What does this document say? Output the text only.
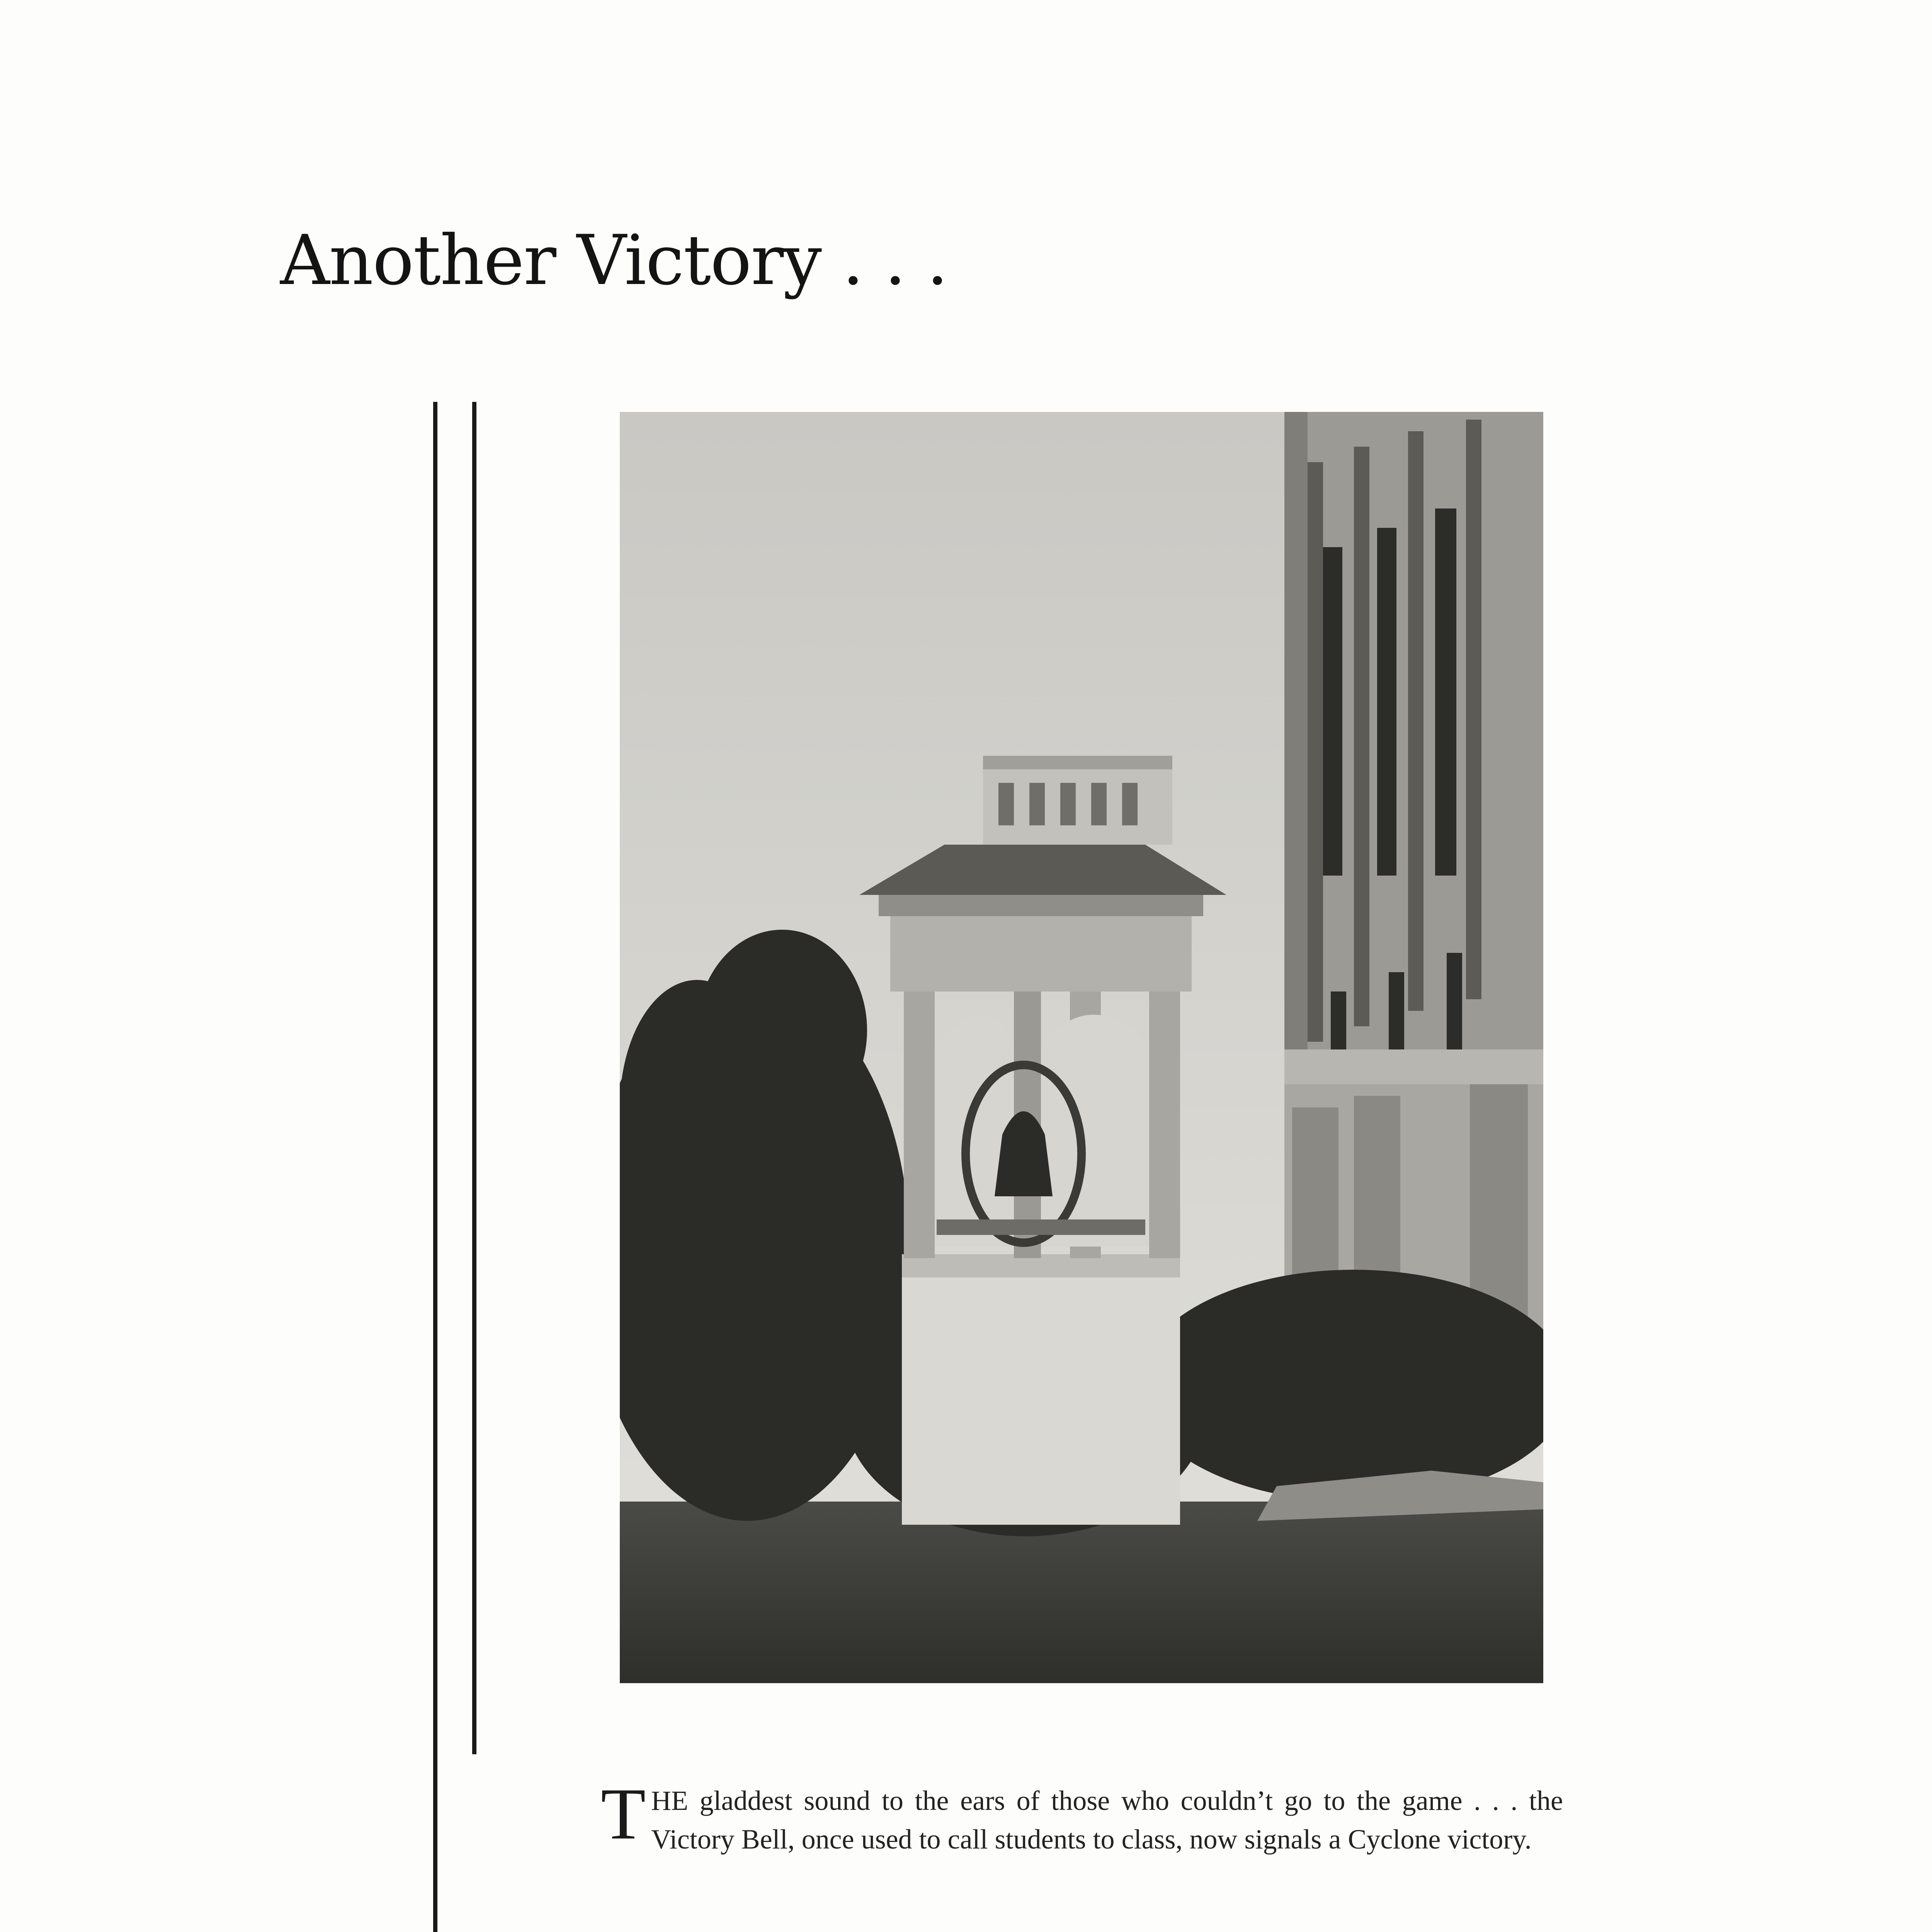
Another Victory . . .
THE gladdest sound to the ears of those who couldn’t go to the game . . . the Victory Bell, once used to call students to class, now signals a Cyclone victory.
